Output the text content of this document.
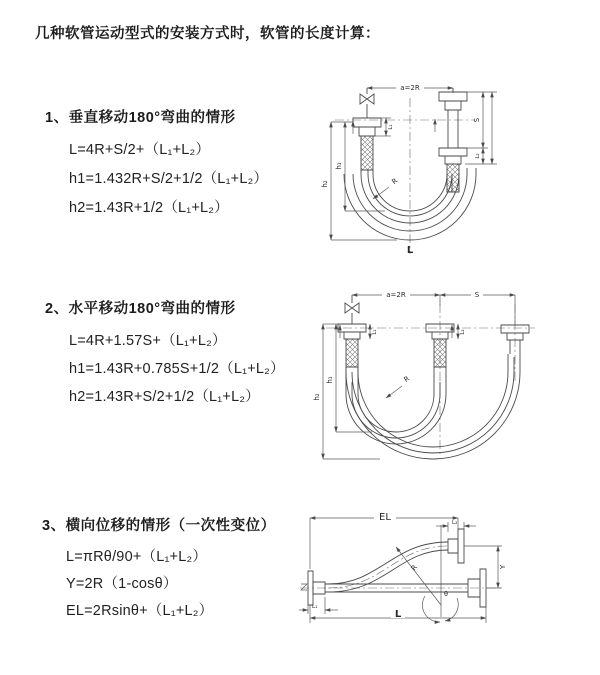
几种软管运动型式的安装方式时，软管的长度计算：
1、垂直移动180°弯曲的情形
L=4R+S/2+（L₁+L₂）
h1=1.432R+S/2+1/2（L₁+L₂）
h2=1.43R+1/2（L₁+L₂）
2、水平移动180°弯曲的情形
L=4R+1.57S+（L₁+L₂）
h1=1.43R+0.785S+1/2（L₁+L₂）
h2=1.43R+S/2+1/2（L₁+L₂）
3、横向位移的情形（一次性变位）
L=πRθ/90+（L₁+L₂）
Y=2R（1-cosθ）
EL=2Rsinθ+（L₁+L₂）
a=2R
h₁
h₂
L₁
S
L₂
R
L
a=2R	S
h₁
h₂
L₁	L₂
R
EL	L₂
Y
R
θ
L
L₁
